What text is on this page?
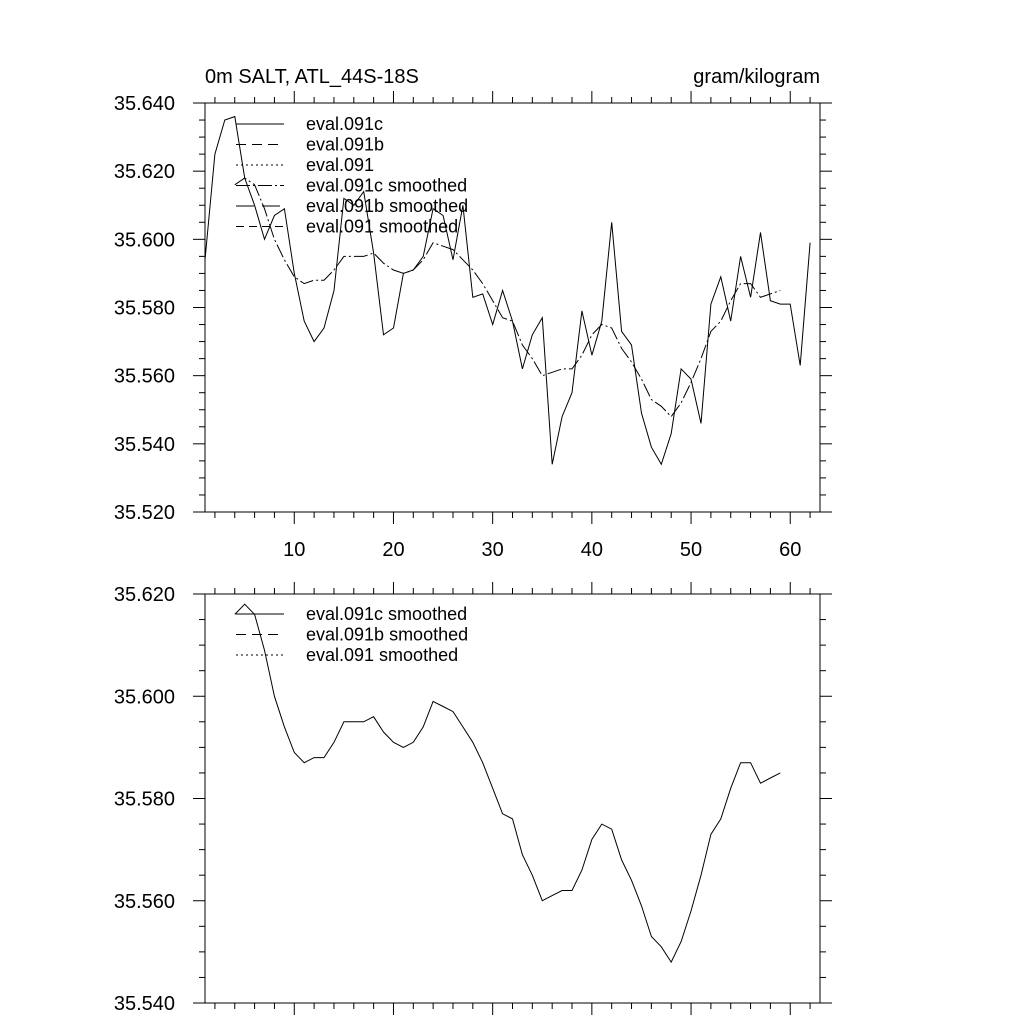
0m SALT, ATL_44S-18S	gram/kilogram
10	20	30	40	50	60
35.520
35.540
35.560
35.580
35.600
35.620
35.640
eval.091c
eval.091b
eval.091
eval.091c smoothed
eval.091b smoothed
eval.091 smoothed
35.540
35.560
35.580
35.600
35.620
eval.091c smoothed
eval.091b smoothed
eval.091 smoothed
